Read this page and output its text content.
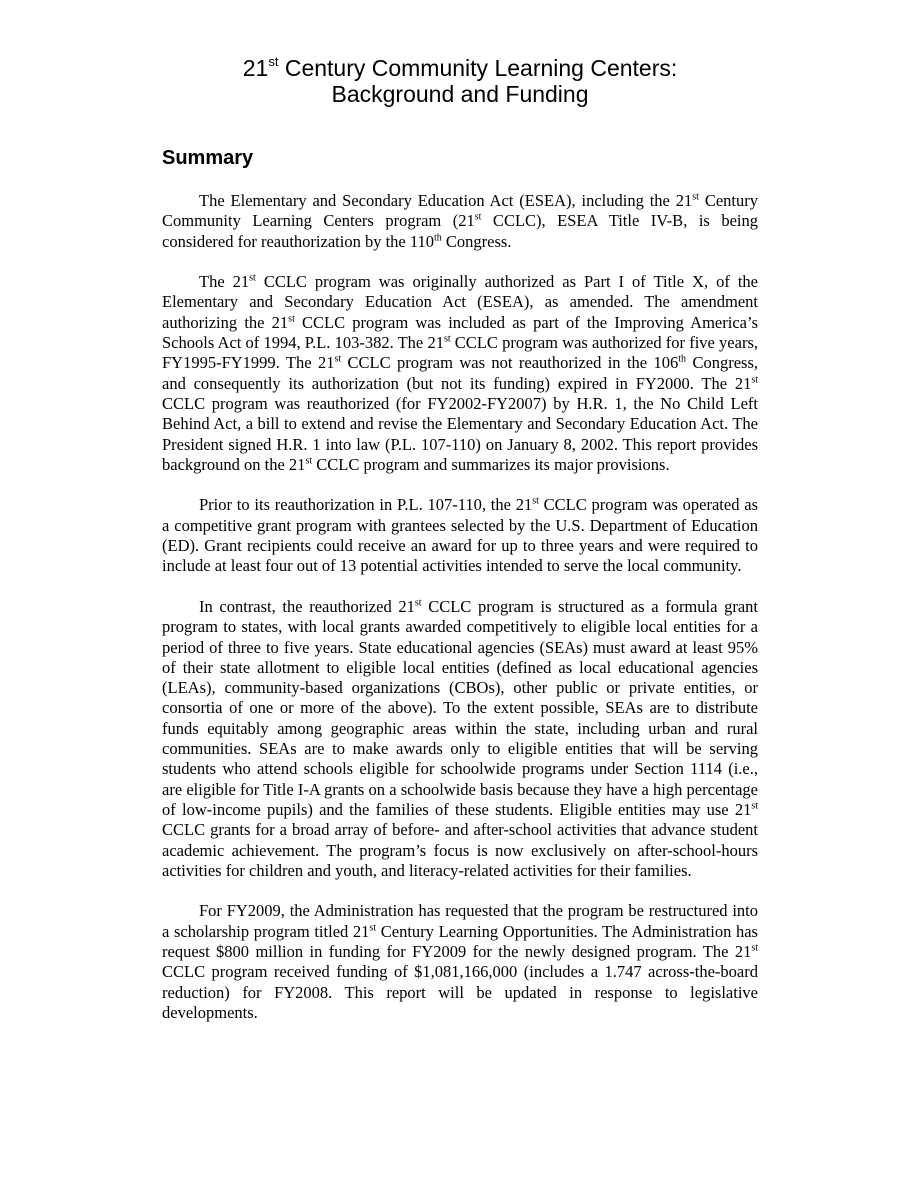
21st Century Community Learning Centers:
Background and Funding
Summary

The Elementary and Secondary Education Act (ESEA), including the 21st Century Community Learning Centers program (21st CCLC), ESEA Title IV-B, is being considered for reauthorization by the 110th Congress.

The 21st CCLC program was originally authorized as Part I of Title X, of the Elementary and Secondary Education Act (ESEA), as amended. The amendment authorizing the 21st CCLC program was included as part of the Improving America’s Schools Act of 1994, P.L. 103-382. The 21st CCLC program was authorized for five years, FY1995-FY1999. The 21st CCLC program was not reauthorized in the 106th Congress, and consequently its authorization (but not its funding) expired in FY2000. The 21st CCLC program was reauthorized (for FY2002-FY2007) by H.R. 1, the No Child Left Behind Act, a bill to extend and revise the Elementary and Secondary Education Act. The President signed H.R. 1 into law (P.L. 107-110) on January 8, 2002. This report provides background on the 21st CCLC program and summarizes its major provisions.

Prior to its reauthorization in P.L. 107-110, the 21st CCLC program was operated as a competitive grant program with grantees selected by the U.S. Department of Education (ED). Grant recipients could receive an award for up to three years and were required to include at least four out of 13 potential activities intended to serve the local community.

In contrast, the reauthorized 21st CCLC program is structured as a formula grant program to states, with local grants awarded competitively to eligible local entities for a period of three to five years. State educational agencies (SEAs) must award at least 95% of their state allotment to eligible local entities (defined as local educational agencies (LEAs), community-based organizations (CBOs), other public or private entities, or consortia of one or more of the above). To the extent possible, SEAs are to distribute funds equitably among geographic areas within the state, including urban and rural communities. SEAs are to make awards only to eligible entities that will be serving students who attend schools eligible for schoolwide programs under Section 1114 (i.e., are eligible for Title I-A grants on a schoolwide basis because they have a high percentage of low-income pupils) and the families of these students. Eligible entities may use 21st CCLC grants for a broad array of before- and after-school activities that advance student academic achievement. The program’s focus is now exclusively on after-school-hours activities for children and youth, and literacy-related activities for their families.

For FY2009, the Administration has requested that the program be restructured into a scholarship program titled 21st Century Learning Opportunities. The Administration has request $800 million in funding for FY2009 for the newly designed program. The 21st CCLC program received funding of $1,081,166,000 (includes a 1.747 across-the-board reduction) for FY2008. This report will be updated in response to legislative developments.
